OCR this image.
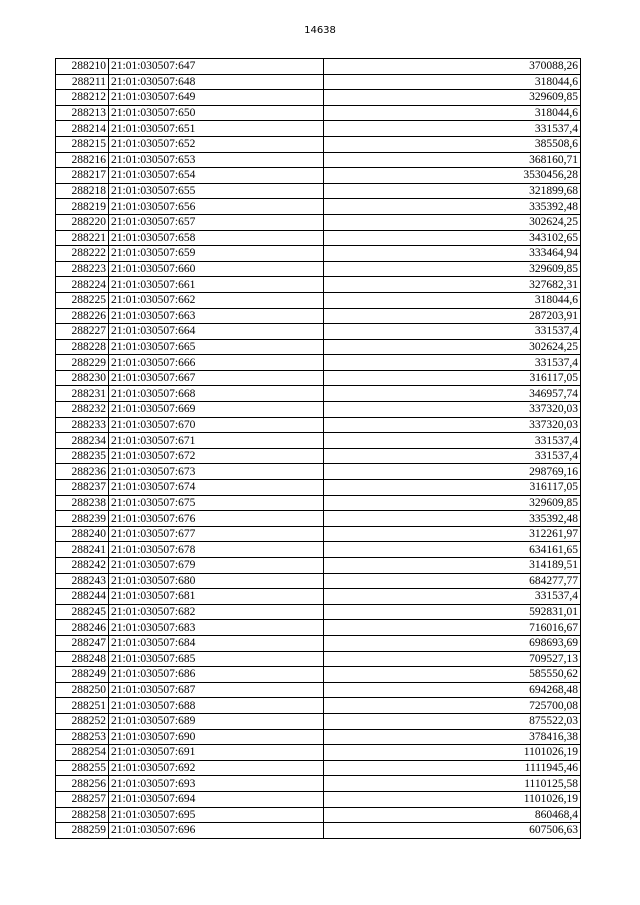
14638
288210	21:01:030507:647	370088,26
288211	21:01:030507:648	318044,6
288212	21:01:030507:649	329609,85
288213	21:01:030507:650	318044,6
288214	21:01:030507:651	331537,4
288215	21:01:030507:652	385508,6
288216	21:01:030507:653	368160,71
288217	21:01:030507:654	3530456,28
288218	21:01:030507:655	321899,68
288219	21:01:030507:656	335392,48
288220	21:01:030507:657	302624,25
288221	21:01:030507:658	343102,65
288222	21:01:030507:659	333464,94
288223	21:01:030507:660	329609,85
288224	21:01:030507:661	327682,31
288225	21:01:030507:662	318044,6
288226	21:01:030507:663	287203,91
288227	21:01:030507:664	331537,4
288228	21:01:030507:665	302624,25
288229	21:01:030507:666	331537,4
288230	21:01:030507:667	316117,05
288231	21:01:030507:668	346957,74
288232	21:01:030507:669	337320,03
288233	21:01:030507:670	337320,03
288234	21:01:030507:671	331537,4
288235	21:01:030507:672	331537,4
288236	21:01:030507:673	298769,16
288237	21:01:030507:674	316117,05
288238	21:01:030507:675	329609,85
288239	21:01:030507:676	335392,48
288240	21:01:030507:677	312261,97
288241	21:01:030507:678	634161,65
288242	21:01:030507:679	314189,51
288243	21:01:030507:680	684277,77
288244	21:01:030507:681	331537,4
288245	21:01:030507:682	592831,01
288246	21:01:030507:683	716016,67
288247	21:01:030507:684	698693,69
288248	21:01:030507:685	709527,13
288249	21:01:030507:686	585550,62
288250	21:01:030507:687	694268,48
288251	21:01:030507:688	725700,08
288252	21:01:030507:689	875522,03
288253	21:01:030507:690	378416,38
288254	21:01:030507:691	1101026,19
288255	21:01:030507:692	1111945,46
288256	21:01:030507:693	1110125,58
288257	21:01:030507:694	1101026,19
288258	21:01:030507:695	860468,4
288259	21:01:030507:696	607506,63
